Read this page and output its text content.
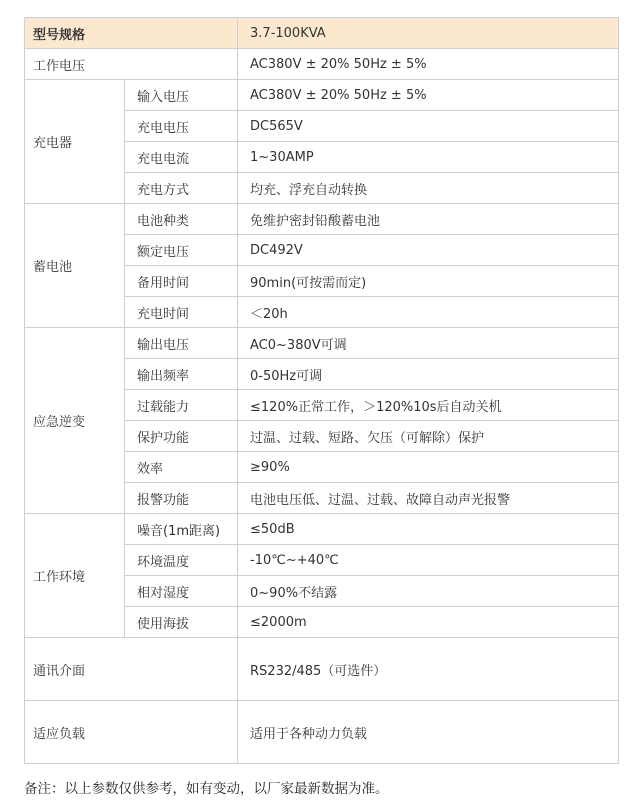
型号规格		3.7-100KVA
工作电压		AC380V ± 20% 50Hz ± 5%
充电器	输入电压	AC380V ± 20% 50Hz ± 5%
	充电电压	DC565V
	充电电流	1~30AMP
	充电方式	均充、浮充自动转换
蓄电池	电池种类	免维护密封铅酸蓄电池
	额定电压	DC492V
	备用时间	90min(可按需而定)
	充电时间	＜20h
应急逆变	输出电压	AC0~380V可调
	输出频率	0-50Hz可调
	过载能力	≤120%正常工作，＞120%10s后自动关机
	保护功能	过温、过载、短路、欠压（可解除）保护
	效率	≥90%
	报警功能	电池电压低、过温、过载、故障自动声光报警
工作环境	噪音(1m距离)	≤50dB
	环境温度	-10℃~+40℃
	相对湿度	0~90%不结露
	使用海拔	≤2000m
通讯介面		RS232/485（可选件）
适应负载		适用于各种动力负载
备注：以上参数仅供参考，如有变动，以厂家最新数据为准。
